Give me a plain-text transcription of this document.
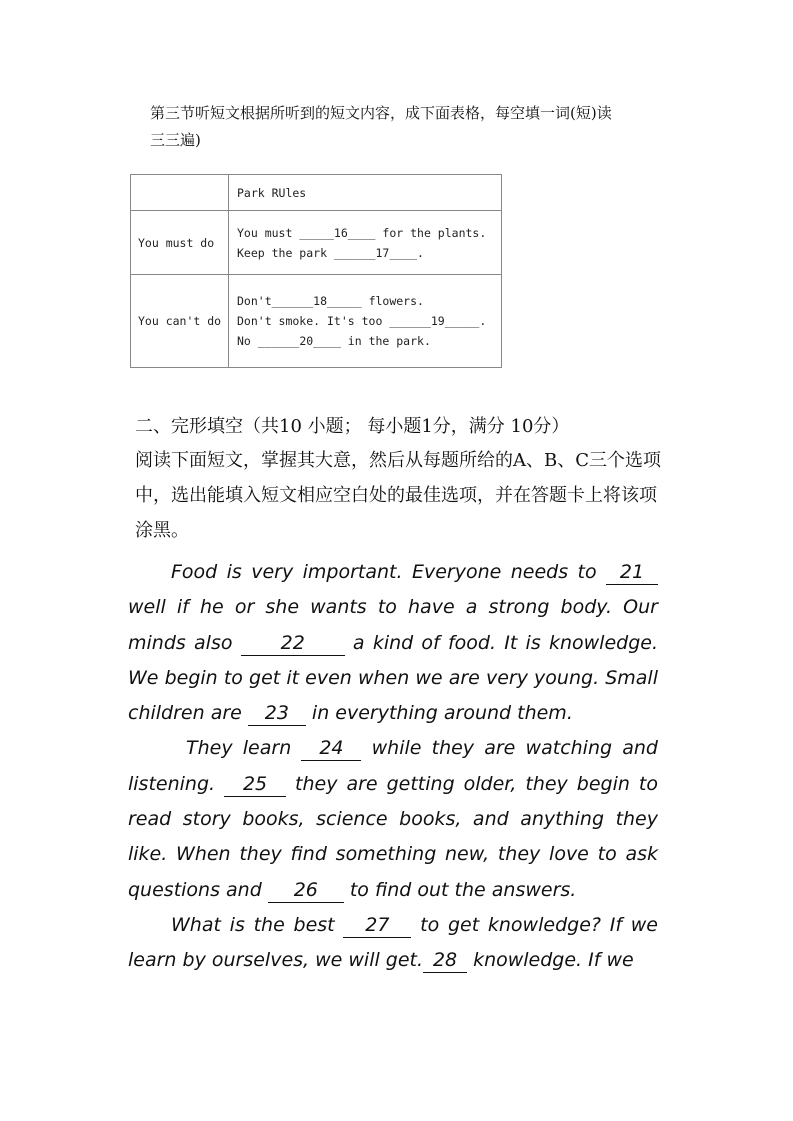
第三节听短文根据所听到的短文内容，成下面表格，每空填一词(短)读
三三遍)

	Park RUles
You must do	You must _____16____ for the plants.
Keep the park ______17____.

You can't do	Don't______18_____ flowers.
Don't smoke. It's too ______19_____.
No ______20____ in the park.

二、完形填空（共10 小题； 每小题1分，满分 10分）

阅读下面短文，掌握其大意，然后从每题所给的A、B、C三个选项中，选出能填入短文相应空白处的最佳选项，并在答题卡上将该项涂黑。

Food is very important. Everyone needs to 21 well if he or she wants to have a strong body. Our minds also 22 a kind of food. It is knowledge. We begin to get it even when we are very young. Small children are 23 in everything around them.

They learn 24 while they are watching and listening. 25 they are getting older, they begin to read story books, science books, and anything they like. When they find something new, they love to ask questions and 26 to find out the answers.

What is the best 27 to get knowledge? If we learn by ourselves, we will get. 28 knowledge. If we
